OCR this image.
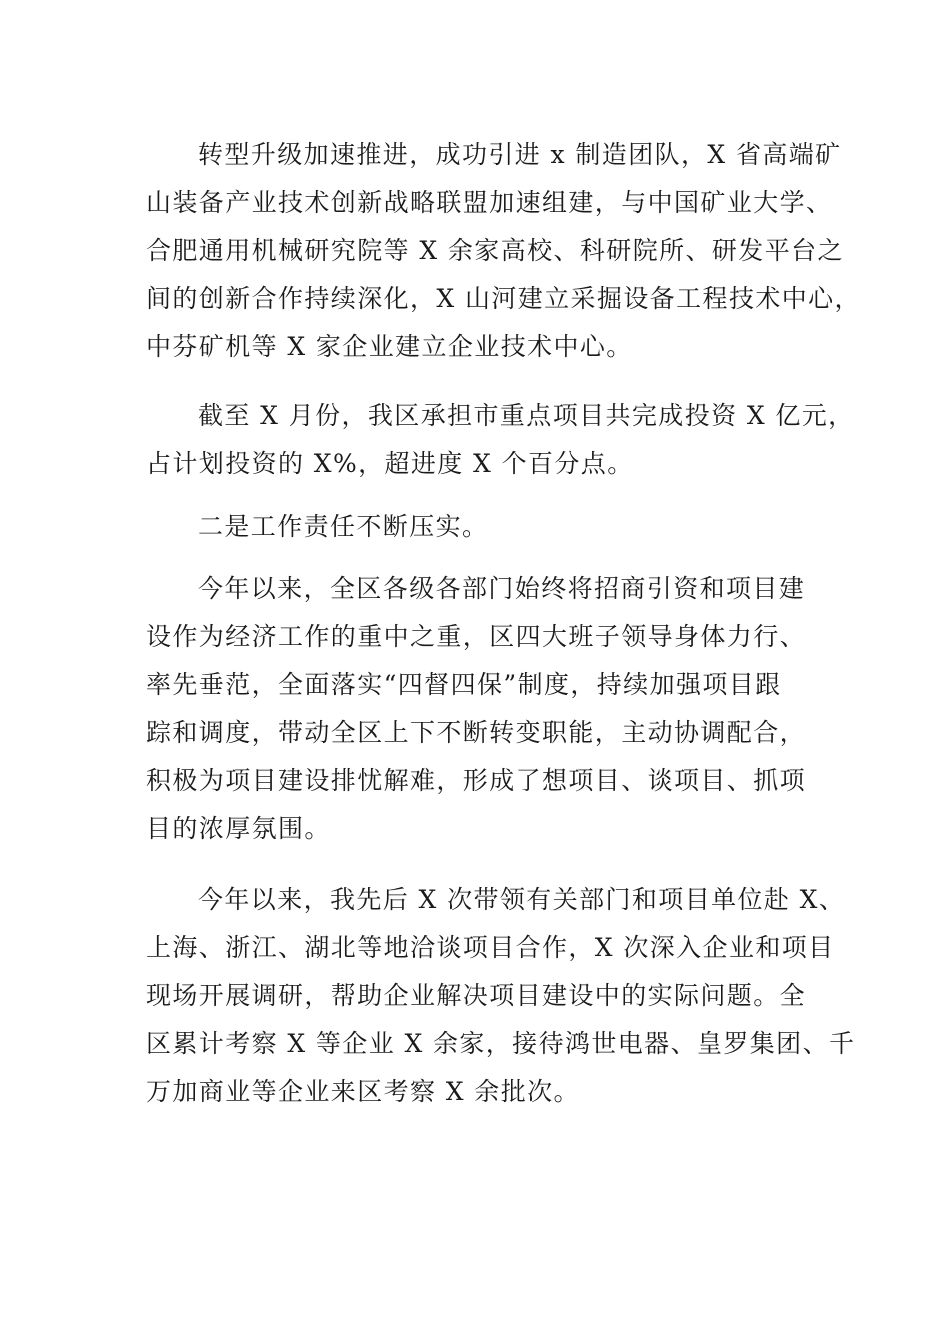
转型升级加速推进，成功引进 x 制造团队，X 省高端矿
山装备产业技术创新战略联盟加速组建，与中国矿业大学、
合肥通用机械研究院等 X 余家高校、科研院所、研发平台之
间的创新合作持续深化，X 山河建立采掘设备工程技术中心，
中芬矿机等 X 家企业建立企业技术中心。

截至 X 月份，我区承担市重点项目共完成投资 X 亿元，
占计划投资的 X%，超进度 X 个百分点。

二是工作责任不断压实。

今年以来，全区各级各部门始终将招商引资和项目建
设作为经济工作的重中之重，区四大班子领导身体力行、
率先垂范，全面落实“四督四保”制度，持续加强项目跟
踪和调度，带动全区上下不断转变职能，主动协调配合，
积极为项目建设排忧解难，形成了想项目、谈项目、抓项
目的浓厚氛围。

今年以来，我先后 X 次带领有关部门和项目单位赴 X、
上海、浙江、湖北等地洽谈项目合作，X 次深入企业和项目
现场开展调研，帮助企业解决项目建设中的实际问题。全
区累计考察 X 等企业 X 余家，接待鸿世电器、皇罗集团、千
万加商业等企业来区考察 X 余批次。
